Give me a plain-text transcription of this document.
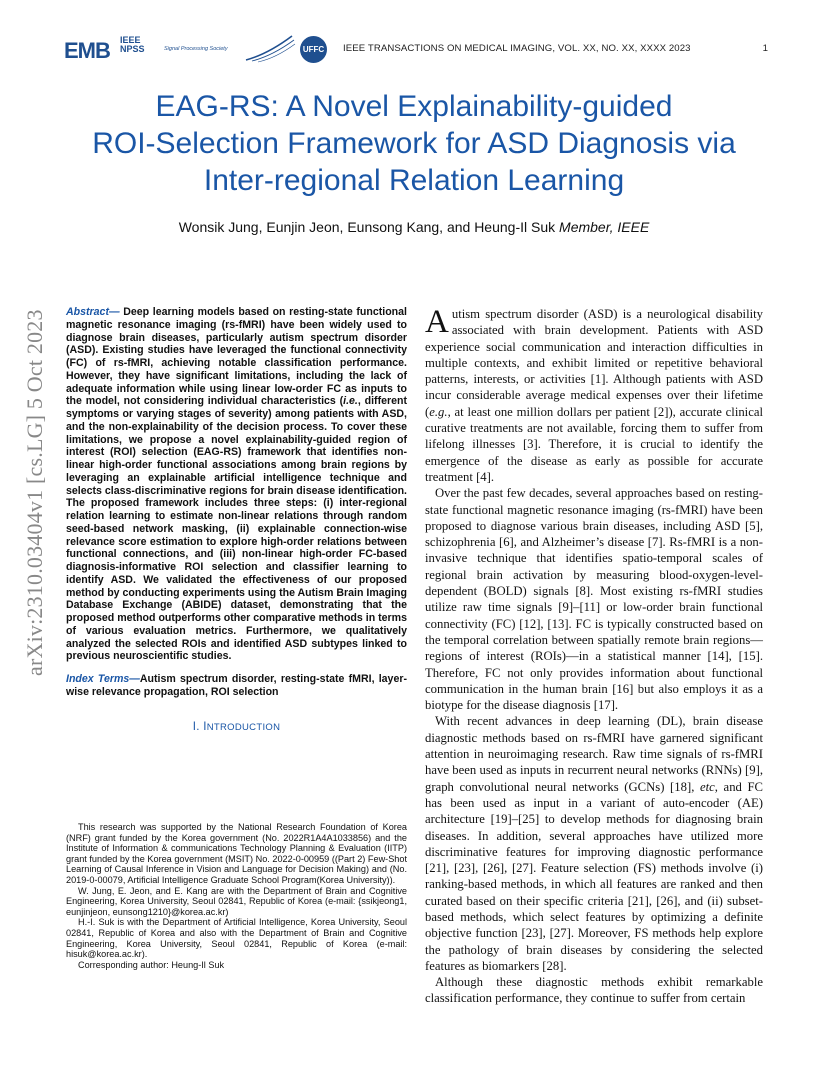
EMB IEEE
NPSS	Signal Processing Society	UFFC IEEE TRANSACTIONS ON MEDICAL IMAGING, VOL. XX, NO. XX, XXXX 2023	1
EAG-RS: A Novel Explainability-guided
ROI-Selection Framework for ASD Diagnosis via
Inter-regional Relation Learning
Wonsik Jung, Eunjin Jeon, Eunsong Kang, and Heung-Il Suk Member, IEEE
arXiv:2310.03404v1 [cs.LG] 5 Oct 2023 Abstract— Deep learning models based on resting-state functional magnetic resonance imaging (rs-fMRI) have been widely used to diagnose brain diseases, particularly autism spectrum disorder (ASD). Existing studies have leveraged the functional connectivity (FC) of rs-fMRI, achieving notable classification performance. However, they have significant limitations, including the lack of adequate information while using linear low-order FC as inputs to the model, not considering individual characteristics (i.e., different symptoms or varying stages of severity) among patients with ASD, and the non-explainability of the decision process. To cover these limitations, we propose a novel explainability-guided region of interest (ROI) selection (EAG-RS) framework that identifies non-linear high-order functional associations among brain regions by leveraging an explainable artificial intelligence technique and selects class-discriminative regions for brain disease identification. The proposed framework includes three steps: (i) inter-regional relation learning to estimate non-linear relations through random seed-based network masking, (ii) explainable connection-wise relevance score estimation to explore high-order relations between functional connections, and (iii) non-linear high-order FC-based diagnosis-informative ROI selection and classifier learning to identify ASD. We validated the effectiveness of our proposed method by conducting experiments using the Autism Brain Imaging Database Exchange (ABIDE) dataset, demonstrating that the proposed method outperforms other comparative methods in terms of various evaluation metrics. Furthermore, we qualitatively analyzed the selected ROIs and identified ASD subtypes linked to previous neuroscientific studies.

Index Terms—Autism spectrum disorder, resting-state fMRI, layer-wise relevance propagation, ROI selection

I. INTRODUCTION

This research was supported by the National Research Foundation of Korea (NRF) grant funded by the Korea government (No. 2022R1A4A1033856) and the Institute of Information & communications Technology Planning & Evaluation (IITP) grant funded by the Korea government (MSIT) No. 2022-0-00959 ((Part 2) Few-Shot Learning of Causal Inference in Vision and Language for Decision Making) and (No. 2019-0-00079, Artificial Intelligence Graduate School Program(Korea University)).

W. Jung, E. Jeon, and E. Kang are with the Department of Brain and Cognitive Engineering, Korea University, Seoul 02841, Republic of Korea (e-mail: {ssikjeong1, eunjinjeon, eunsong1210}@korea.ac.kr)

H.-I. Suk is with the Department of Artificial Intelligence, Korea University, Seoul 02841, Republic of Korea and also with the Department of Brain and Cognitive Engineering, Korea University, Seoul 02841, Republic of Korea (e-mail: hisuk@korea.ac.kr).

Corresponding author: Heung-Il Suk

Autism spectrum disorder (ASD) is a neurological disability associated with brain development. Patients with ASD experience social communication and interaction difficulties in multiple contexts, and exhibit limited or repetitive behavioral patterns, interests, or activities [1]. Although patients with ASD incur considerable average medical expenses over their lifetime (e.g., at least one million dollars per patient [2]), accurate clinical curative treatments are not available, forcing them to suffer from lifelong illnesses [3]. Therefore, it is crucial to identify the emergence of the disease as early as possible for accurate treatment [4].

Over the past few decades, several approaches based on resting-state functional magnetic resonance imaging (rs-fMRI) have been proposed to diagnose various brain diseases, including ASD [5], schizophrenia [6], and Alzheimer’s disease [7]. Rs-fMRI is a non-invasive technique that identifies spatio-temporal scales of regional brain activation by measuring blood-oxygen-level-dependent (BOLD) signals [8]. Most existing rs-fMRI studies utilize raw time signals [9]–[11] or low-order brain functional connectivity (FC) [12], [13]. FC is typically constructed based on the temporal correlation between spatially remote brain regions—regions of interest (ROIs)—in a statistical manner [14], [15]. Therefore, FC not only provides information about functional communication in the human brain [16] but also employs it as a biotype for the disease diagnosis [17].

With recent advances in deep learning (DL), brain disease diagnostic methods based on rs-fMRI have garnered significant attention in neuroimaging research. Raw time signals of rs-fMRI have been used as inputs in recurrent neural networks (RNNs) [9], graph convolutional neural networks (GCNs) [18], etc, and FC has been used as input in a variant of auto-encoder (AE) architecture [19]–[25] to develop methods for diagnosing brain diseases. In addition, several approaches have utilized more discriminative features for improving diagnostic performance [21], [23], [26], [27]. Feature selection (FS) methods involve (i) ranking-based methods, in which all features are ranked and then curated based on their specific criteria [21], [26], and (ii) subset-based methods, which select features by optimizing a definite objective function [23], [27]. Moreover, FS methods help explore the pathology of brain diseases by considering the selected features as biomarkers [28].

Although these diagnostic methods exhibit remarkable classification performance, they continue to suffer from certain
